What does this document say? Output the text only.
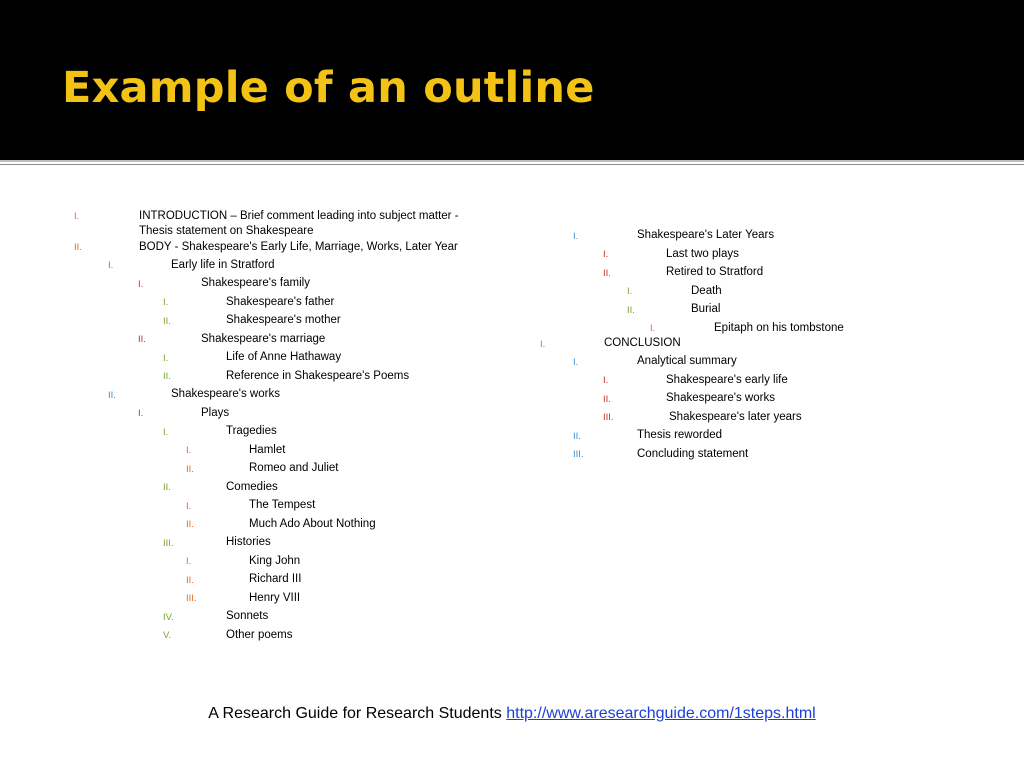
Example of an outline
I.	INTRODUCTION – Brief comment leading into subject matter -
Thesis statement on Shakespeare
II.	BODY - Shakespeare's Early Life, Marriage, Works, Later Year
I.	Early life in Stratford
I.	Shakespeare's family
I.	Shakespeare's father
II.	Shakespeare's mother
II.	Shakespeare's marriage
I.	Life of Anne Hathaway
II.	Reference in Shakespeare's Poems
II.	Shakespeare's works
I.	Plays
I.	Tragedies
I.	Hamlet
II.	Romeo and Juliet
II.	Comedies
I.	The Tempest
II.	Much Ado About Nothing
III.	Histories
I.	King John
II.	Richard III
III.	Henry VIII
IV.	Sonnets
V.	Other poems
I.	Shakespeare's Later Years
I.	Last two plays
II.	Retired to Stratford
I.	Death
II.	Burial
I.	Epitaph on his tombstone
I.	CONCLUSION
I.	Analytical summary
I.	Shakespeare's early life
II.	Shakespeare's works
III.	Shakespeare's later years
II.	Thesis reworded
III.	Concluding statement
A Research Guide for Research Students http://www.aresearchguide.com/1steps.html
